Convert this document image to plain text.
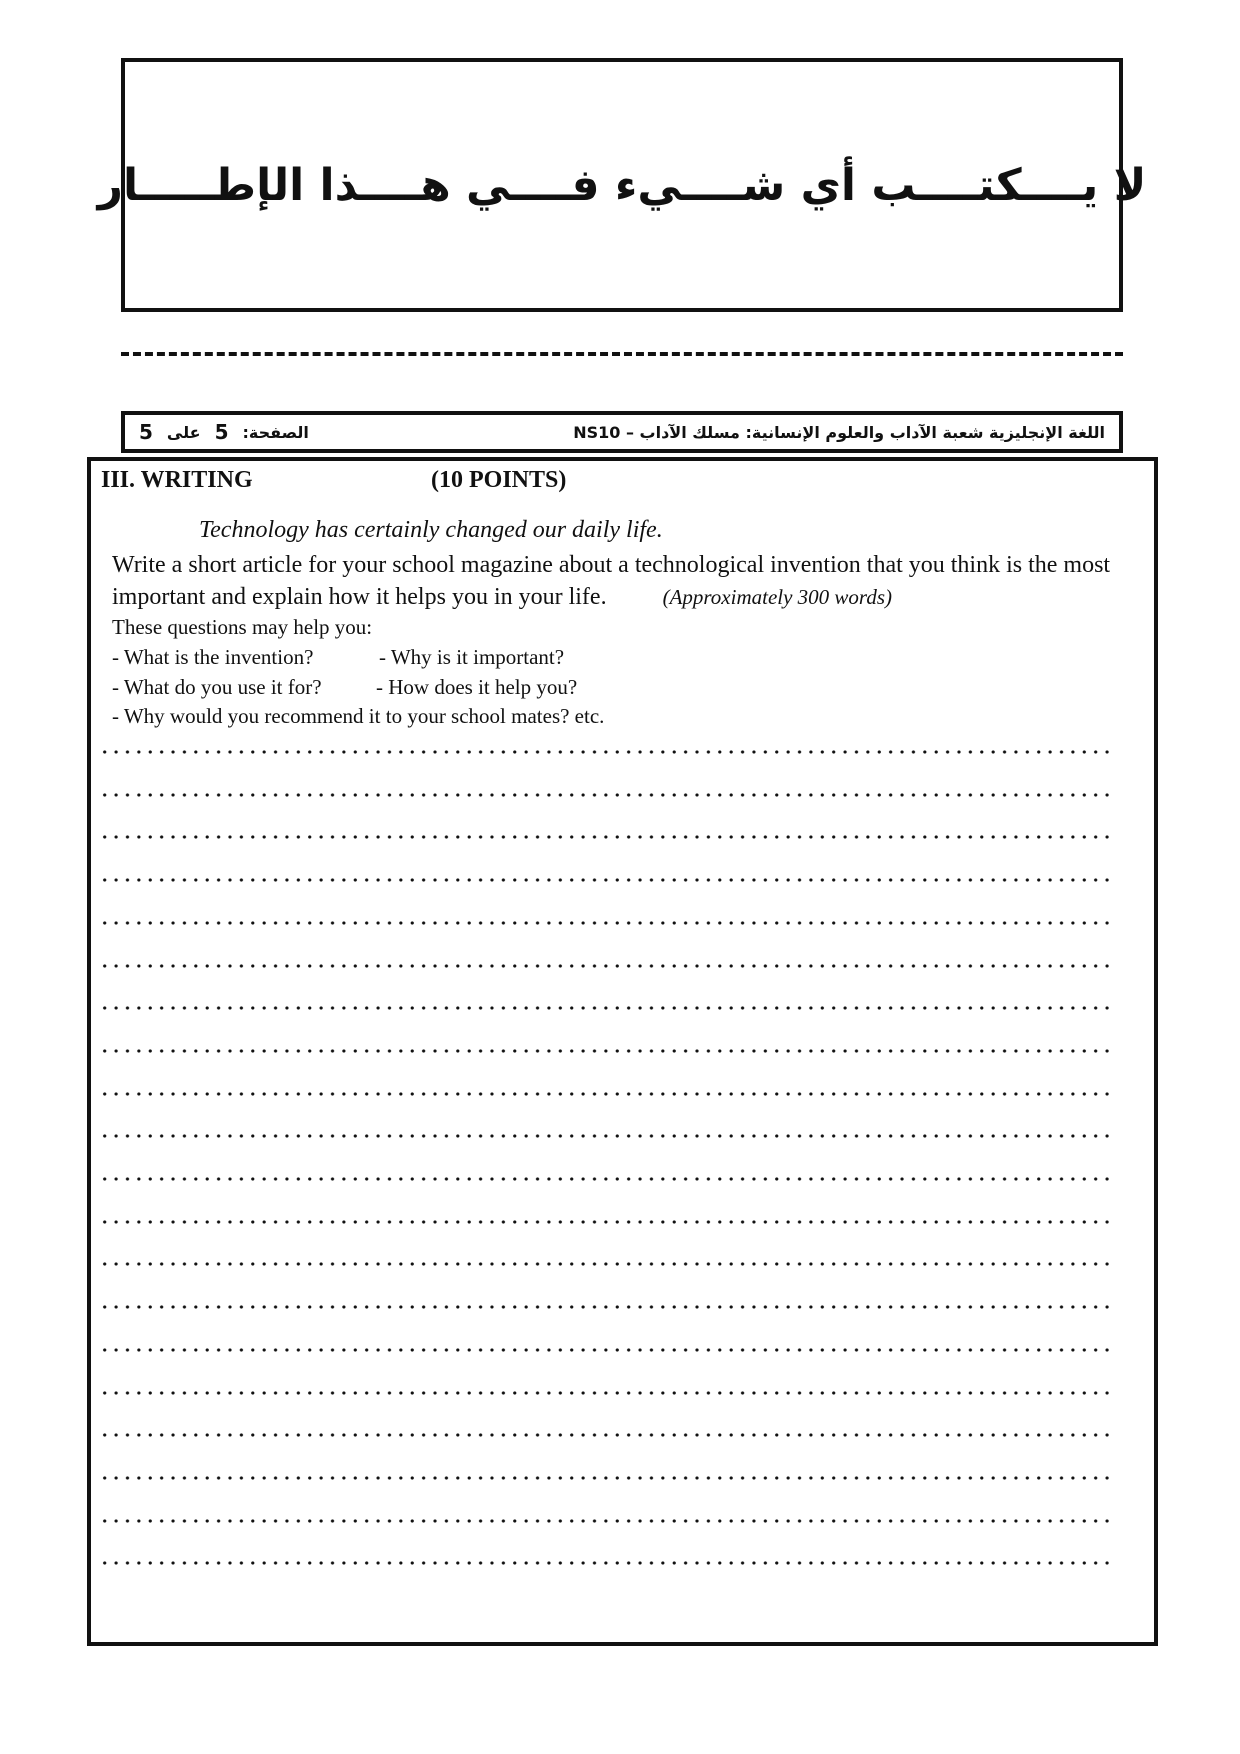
لا يــــكتــــب أي شــــيء فــــي هــــذا الإطـــــار
الصفحة:
5
على
5	اللغة الإنجليزية شعبة الآداب والعلوم الإنسانية: مسلك الآداب – NS10
III. WRITING	(10 POINTS)
Technology has certainly changed our daily life.
Write a short article for your school magazine about a technological invention that you think is the most important and explain how it helps you in your life.	(Approximately 300 words)
These questions may help you:
- What is the invention?	- Why is it important?
- What do you use it for?	- How does it help you?
- Why would you recommend it to your school mates? etc.
